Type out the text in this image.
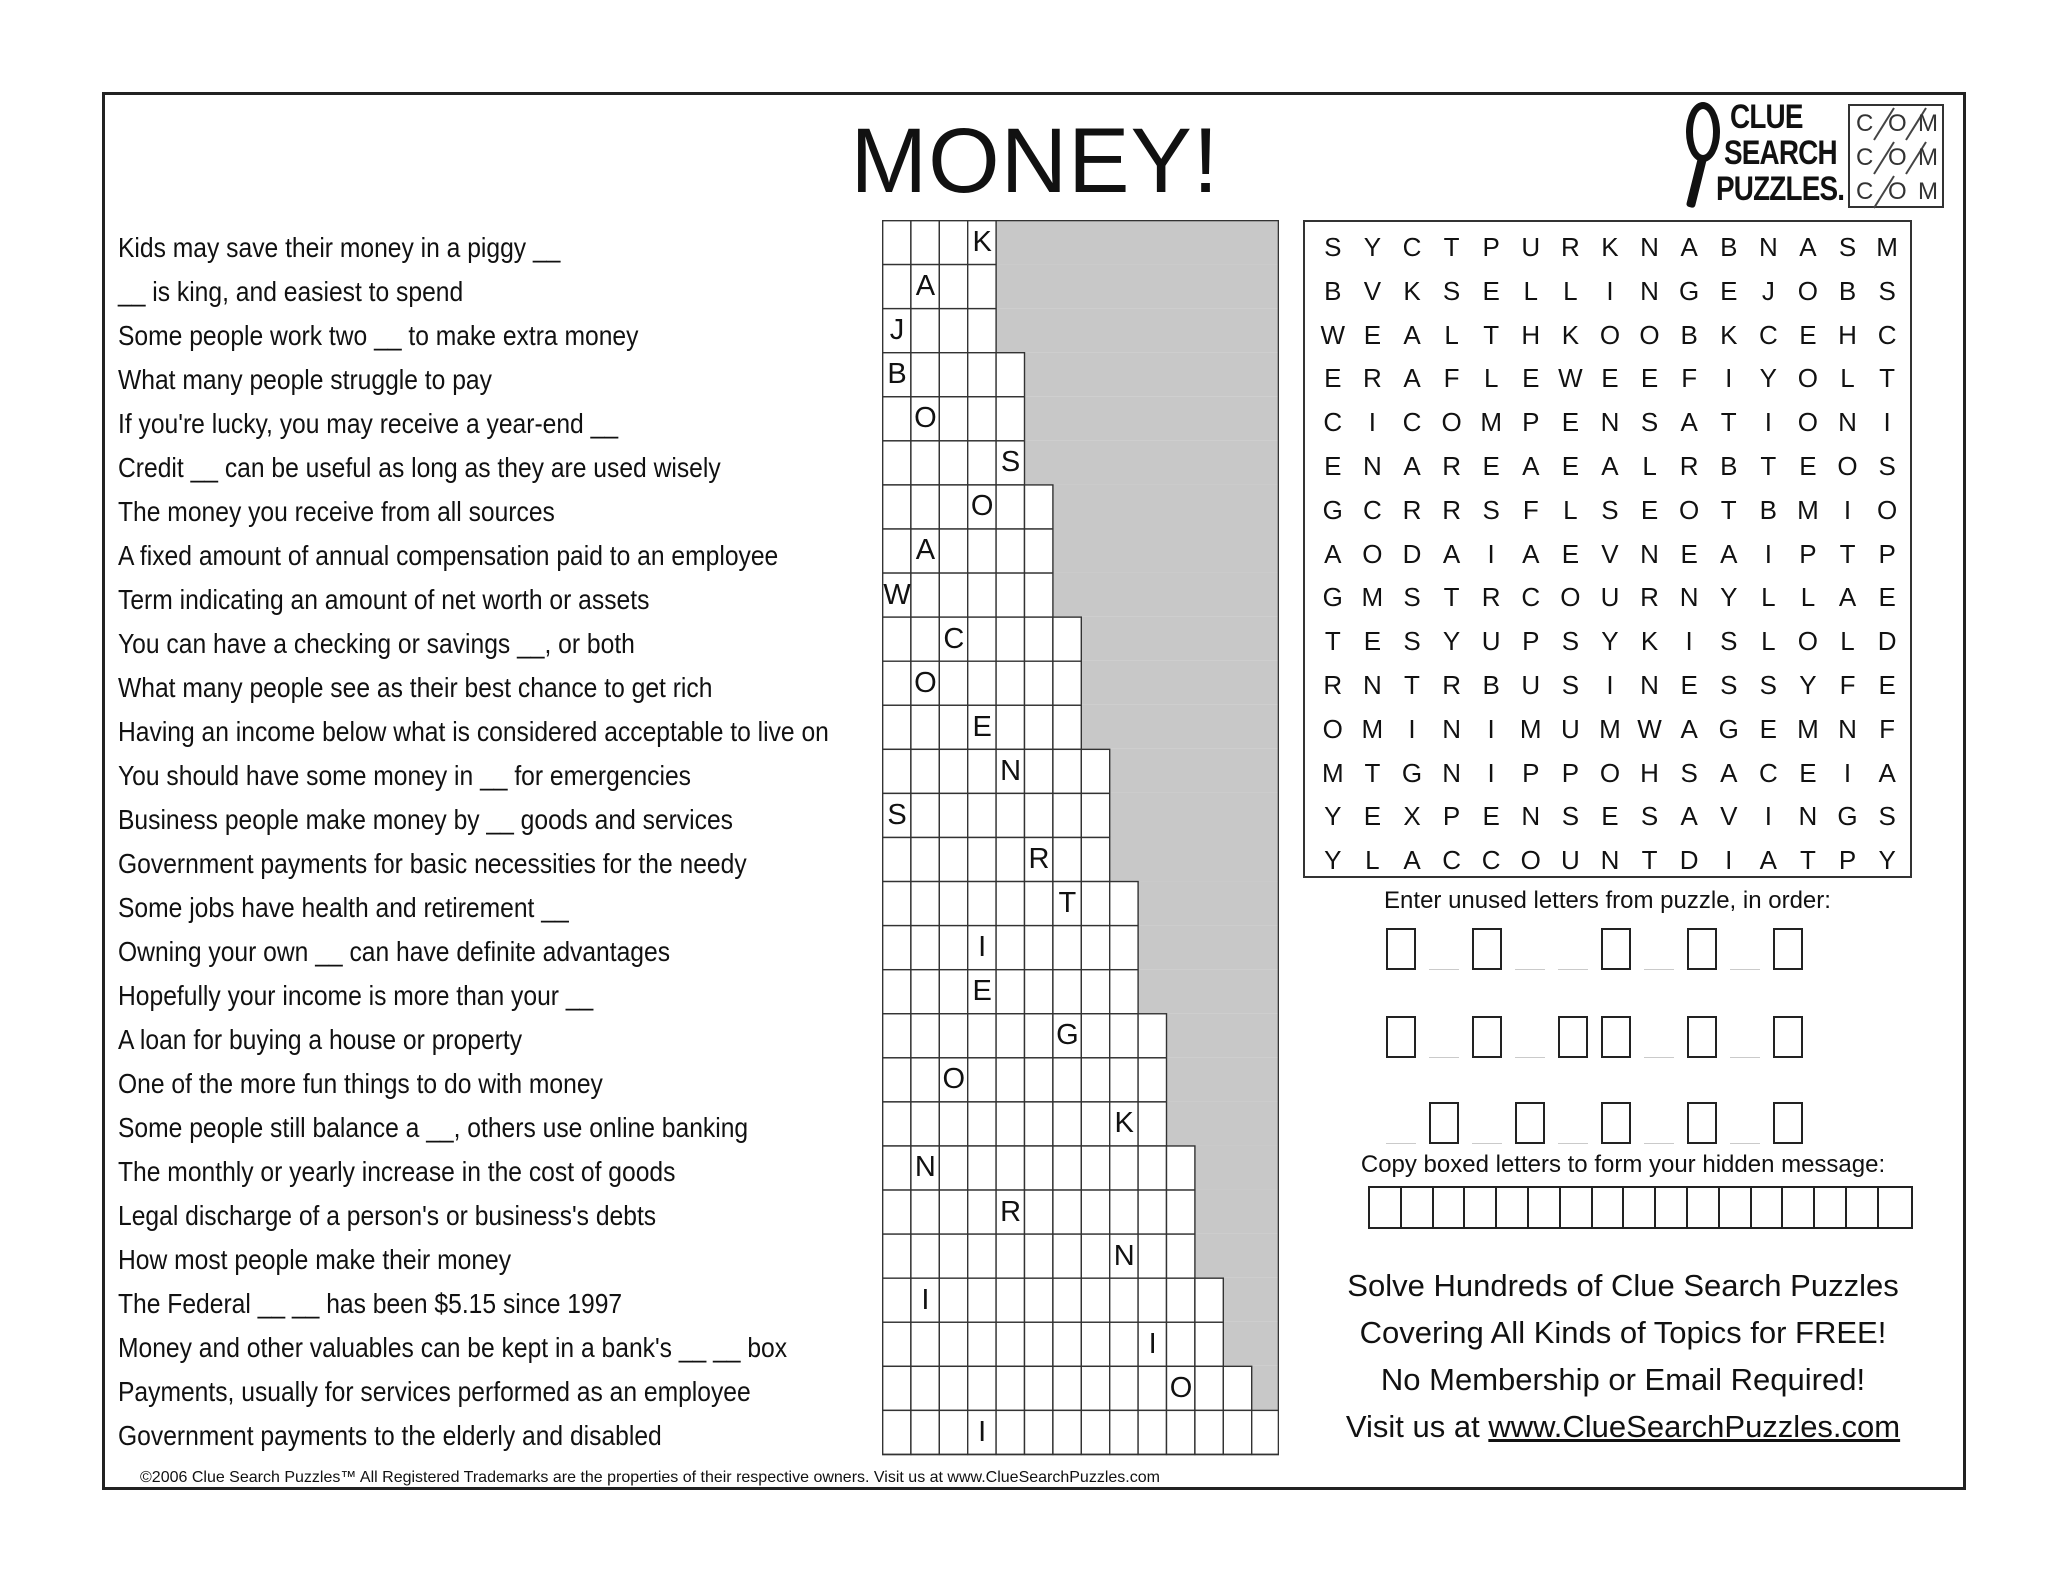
MONEY!	CLUE
SEARCH
PUZZLES.
C O M
C O M
C O M
Kids may save their money in a piggy __
__ is king, and easiest to spend
Some people work two __ to make extra money
What many people struggle to pay
If you're lucky, you may receive a year-end __
Credit __ can be useful as long as they are used wisely
The money you receive from all sources
A fixed amount of annual compensation paid to an employee
Term indicating an amount of net worth or assets
You can have a checking or savings __, or both
What many people see as their best chance to get rich
Having an income below what is considered acceptable to live on
You should have some money in __ for emergencies
Business people make money by __ goods and services
Government payments for basic necessities for the needy
Some jobs have health and retirement __
Owning your own __ can have definite advantages
Hopefully your income is more than your __
A loan for buying a house or property
One of the more fun things to do with money
Some people still balance a __, others use online banking
The monthly or yearly increase in the cost of goods
Legal discharge of a person's or business's debts
How most people make their money
The Federal __ __ has been $5.15 since 1997
Money and other valuables can be kept in a bank's __ __ box
Payments, usually for services performed as an employee
Government payments to the elderly and disabled
K
A
J
B
O
S
O
A
W
C
O
E
N
S
R
T
I
E
G
O
K
N
R
N
I
I
O
I
S Y C T P U R K N A B N A S M
B V K S E L L	I	N G E J O B S
W E A L T H K O O B K C E H C
E R A F L E W E E F	I	Y O L T
C	I	C O M P E N S A T	I O N	I
E N A R E A E A L R B T E O S
G C R R S F L S E O T B M I O
A O D A	I	A E V N E A	I	P T P
G M S T R C O U R N Y L L A E
T E S Y U P S Y K	I	S L O L D
R N T R B U S	I	N E S S Y F E
O M I	N	I M U M W A G E M N F
M T G N	I	P P O H S A C E	I	A
Y E X P E N S E S A V	I	N G S
Y L A C C O U N T D	I	A T P Y
Enter unused letters from puzzle, in order:
Copy boxed letters to form your hidden message:
Solve Hundreds of Clue Search Puzzles
Covering All Kinds of Topics for FREE!
No Membership or Email Required!
Visit us at www.ClueSearchPuzzles.com
©2006 Clue Search Puzzles™ All Registered Trademarks are the properties of their respective owners. Visit us at www.ClueSearchPuzzles.com
